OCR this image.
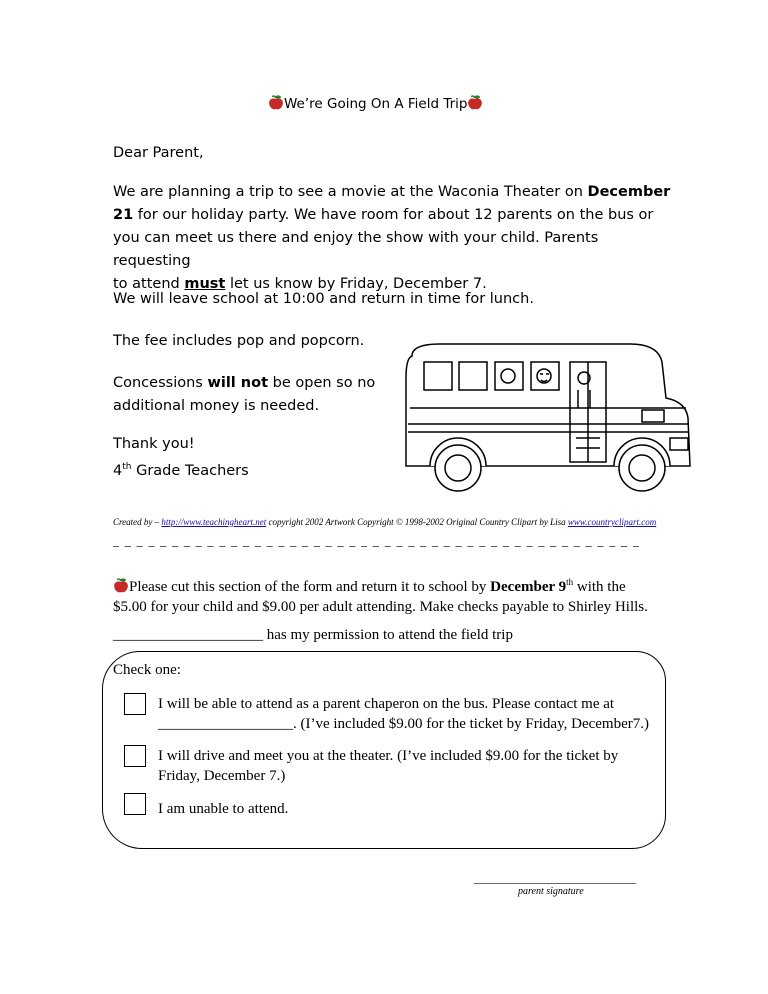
We’re Going On A Field Trip
Dear Parent,
We are planning a trip to see a movie at the Waconia Theater on December
21 for our holiday party. We have room for about 12 parents on the bus or
you can meet us there and enjoy the show with your child. Parents requesting
to attend must let us know by Friday, December 7.
We will leave school at 10:00 and return in time for lunch.
The fee includes pop and popcorn.
Concessions will not be open so no
additional money is needed.
Thank you!
4th Grade Teachers
Created by – http://www.teachingheart.net copyright 2002 Artwork Copyright © 1998-2002 Original Country Clipart by Lisa www.countryclipart.com
_ _ _ _ _ _ _ _ _ _ _ _ _ _ _ _ _ _ _ _ _ _ _ _ _ _ _ _ _ _ _ _ _ _ _ _ _ _ _ _ _ _ _ _ _
Please cut this section of the form and return it to school by December 9th with the
$5.00 for your child and $9.00 per adult attending. Make checks payable to Shirley Hills.
____________________ has my permission to attend the field trip
Check one:
I will be able to attend as a parent chaperon on the bus. Please contact me at
__________________. (I’ve included $9.00 for the ticket by Friday, December7.)
I will drive and meet you at the theater. (I’ve included $9.00 for the ticket by
Friday, December 7.)
I am unable to attend.
___________________________
parent signature
